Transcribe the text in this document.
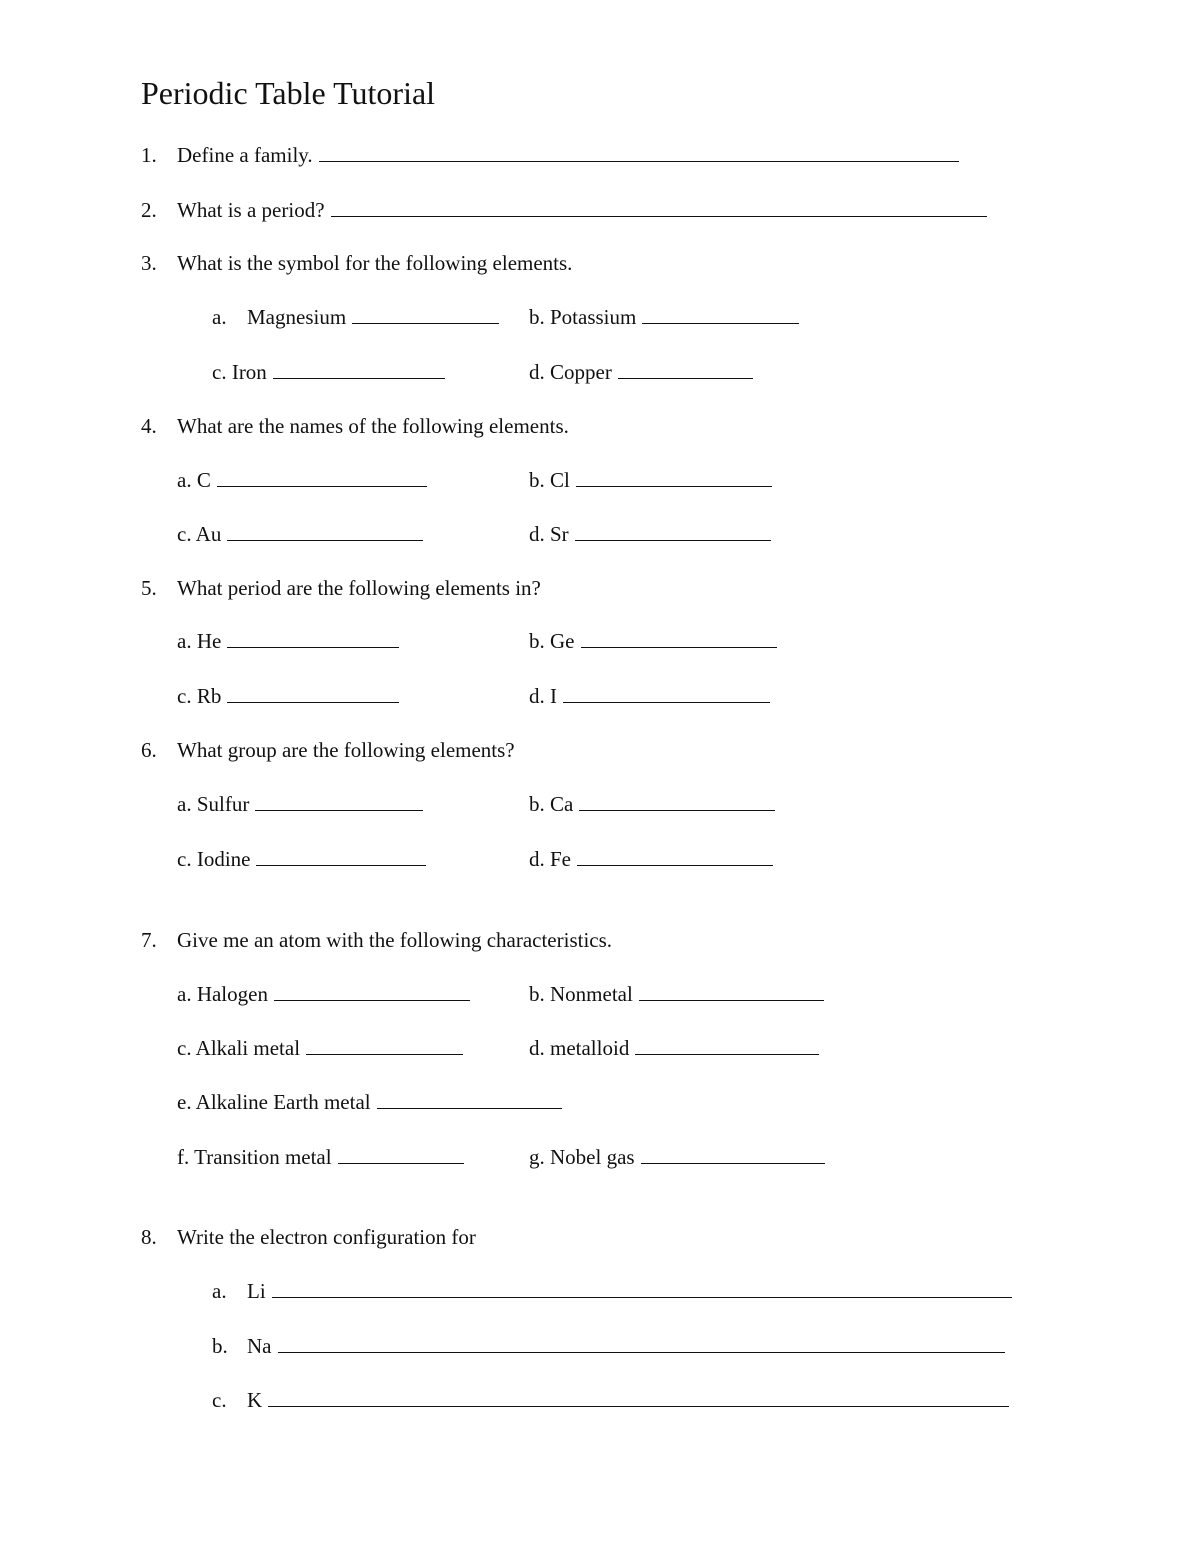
Periodic Table Tutorial
1. Define a family.
2. What is a period?
3. What is the symbol for the following elements.
a. Magnesium	b. Potassium
c. Iron	d. Copper
4. What are the names of the following elements.
a. C	b. Cl
c. Au	d. Sr
5. What period are the following elements in?
a. He	b. Ge
c. Rb	d. I
6. What group are the following elements?
a. Sulfur	b. Ca
c. Iodine	d. Fe
7. Give me an atom with the following characteristics.
a. Halogen	b. Nonmetal
c. Alkali metal	d. metalloid
e. Alkaline Earth metal
f. Transition metal	g. Nobel gas
8. Write the electron configuration for
a. Li
b. Na
c. K
